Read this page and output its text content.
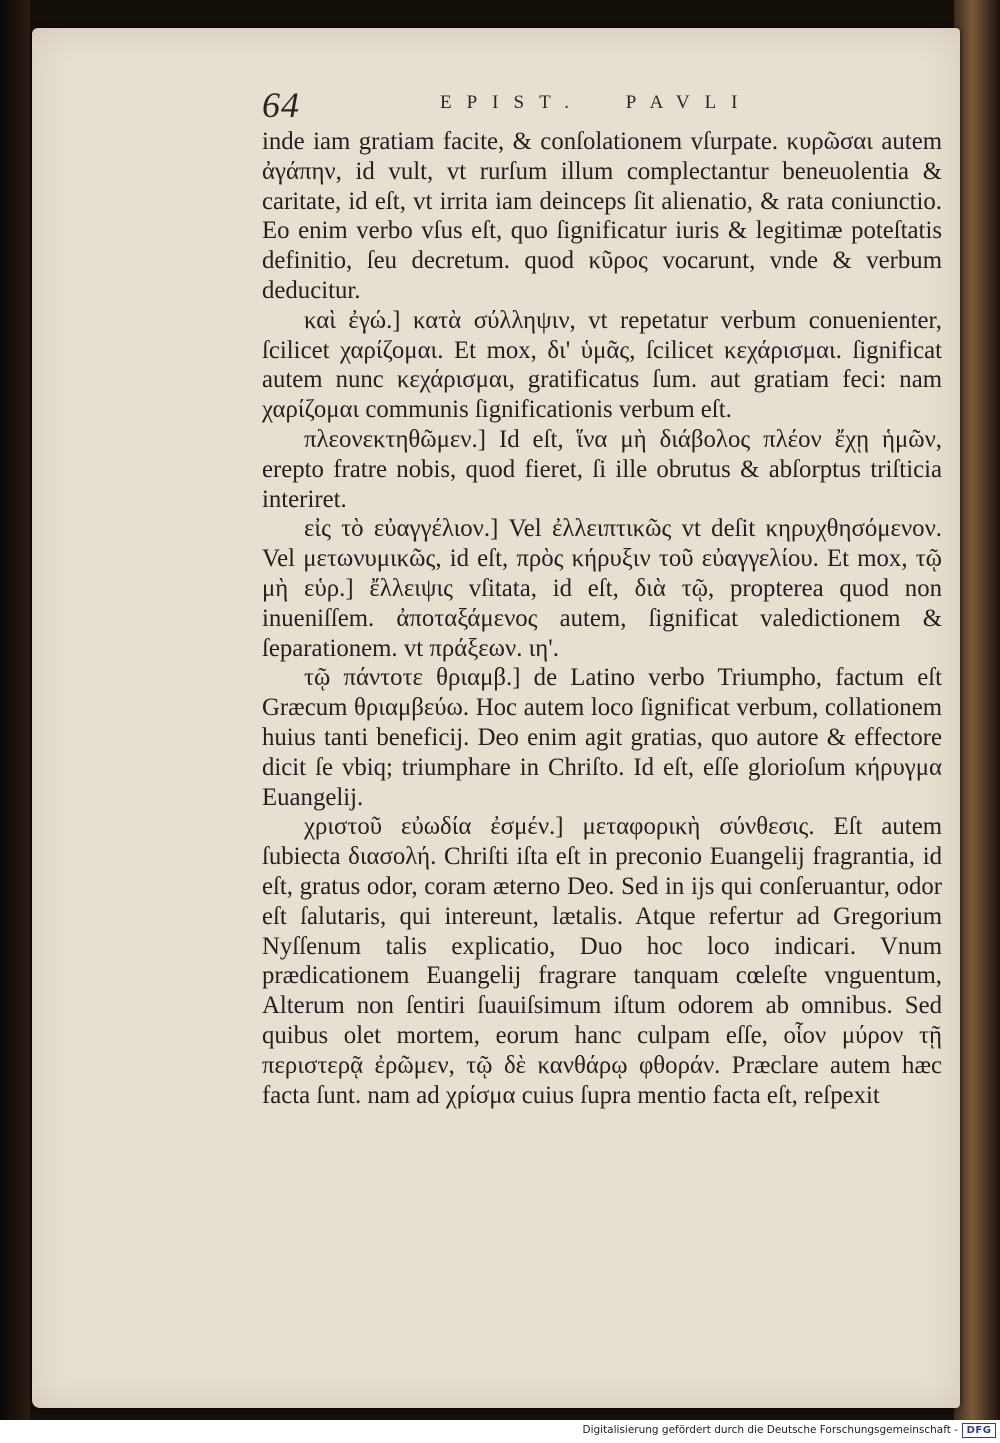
64	EPIST. PAVLI

inde iam gratiam facite, & conſolationem vſurpate. κυρῶσαι autem ἀγάπην, id vult, vt rurſum illum complectantur beneuolentia & caritate, id eſt, vt irrita iam deinceps ſit alienatio, & rata coniunctio. Eo enim verbo vſus eſt, quo ſignificatur iuris & legitimæ poteſtatis definitio, ſeu decretum. quod κῦρος vocarunt, vnde & verbum deducitur.

καὶ ἐγώ.] κατὰ σύλληψιν, vt repetatur verbum conuenienter, ſcilicet χαρίζομαι. Et mox, δι' ὑμᾶς, ſcilicet κεχάρισμαι. ſignificat autem nunc κεχάρισμαι, gratificatus ſum. aut gratiam feci: nam χαρίζομαι communis ſignificationis verbum eſt.

πλεονεκτηθῶμεν.] Id eſt, ἵνα μὴ διάβολος πλέον ἔχῃ ἡμῶν, erepto fratre nobis, quod fieret, ſi ille obrutus & abſorptus triſticia interiret.

εἰς τὸ εὐαγγέλιον.] Vel ἐλλειπτικῶς vt deſit κηρυχθησόμενον. Vel μετωνυμικῶς, id eſt, πρὸς κήρυξιν τοῦ εὐαγγελίου. Et mox, τῷ μὴ εὑρ.] ἔλλειψις vſitata, id eſt, διὰ τῷ, propterea quod non inueniſſem. ἀποταξάμενος autem, ſignificat valedictionem & ſeparationem. vt πράξεων. ιη'.

τῷ πάντοτε θριαμβ.] de Latino verbo Triumpho, factum eſt Græcum θριαμβεύω. Hoc autem loco ſignificat verbum, collationem huius tanti beneficij. Deo enim agit gratias, quo autore & effectore dicit ſe vbiq; triumphare in Chriſto. Id eſt, eſſe glorioſum κήρυγμα Euangelij.

χριστοῦ εὐωδία ἐσμέν.] μεταφορικὴ σύνθεσις. Eſt autem ſubiecta διασολή. Chriſti iſta eſt in preconio Euangelij fragrantia, id eſt, gratus odor, coram æterno Deo. Sed in ijs qui conſeruantur, odor eſt ſalutaris, qui intereunt, lætalis. Atque refertur ad Gregorium Nyſſenum talis explicatio, Duo hoc loco indicari. Vnum prædicationem Euangelij fragrare tanquam cœleſte vnguentum, Alterum non ſentiri ſuauiſsimum iſtum odorem ab omnibus. Sed quibus olet mortem, eorum hanc culpam eſſe, οἷον μύρον τῇ περιστερᾷ ἐρῶμεν, τῷ δὲ κανθάρῳ φθοράν. Præclare autem hæc facta ſunt. nam ad χρίσμα cuius ſupra mentio facta eſt, reſpexit

Digitalisierung gefördert durch die Deutsche Forschungsgemeinschaft - DFG
